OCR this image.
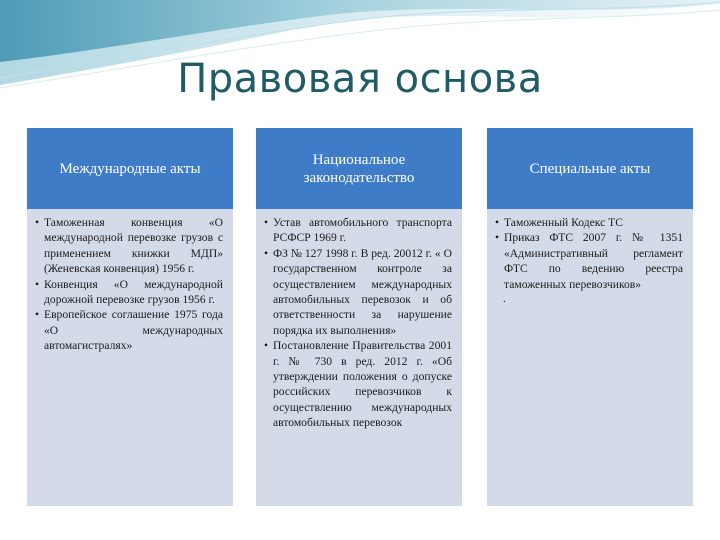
Правовая основа
Международные акты
• Таможенная конвенция «О международной перевозке грузов с применением книжки МДП» (Женевская конвенция) 1956 г.
• Конвенция «О международной дорожной перевозке грузов 1956 г.
• Европейское соглашение 1975 года «О международных автомагистралях»
Национальное законодательство
• Устав автомобильного транспорта РСФСР 1969 г.
• ФЗ № 127 1998 г. В ред. 20012 г. « О государственном контроле за осуществлением международных автомобильных перевозок и об ответственности за нарушение порядка их выполнения»
• Постановление Правительства 2001 г. № 730 в ред. 2012 г. «Об утверждении положения о допуске российских перевозчиков к осуществлению международных автомобильных перевозок
Специальные акты
• Таможенный Кодекс ТС
• Приказ ФТС 2007 г. № 1351 «Административный регламент ФТС по ведению реестра таможенных перевозчиков»
.
